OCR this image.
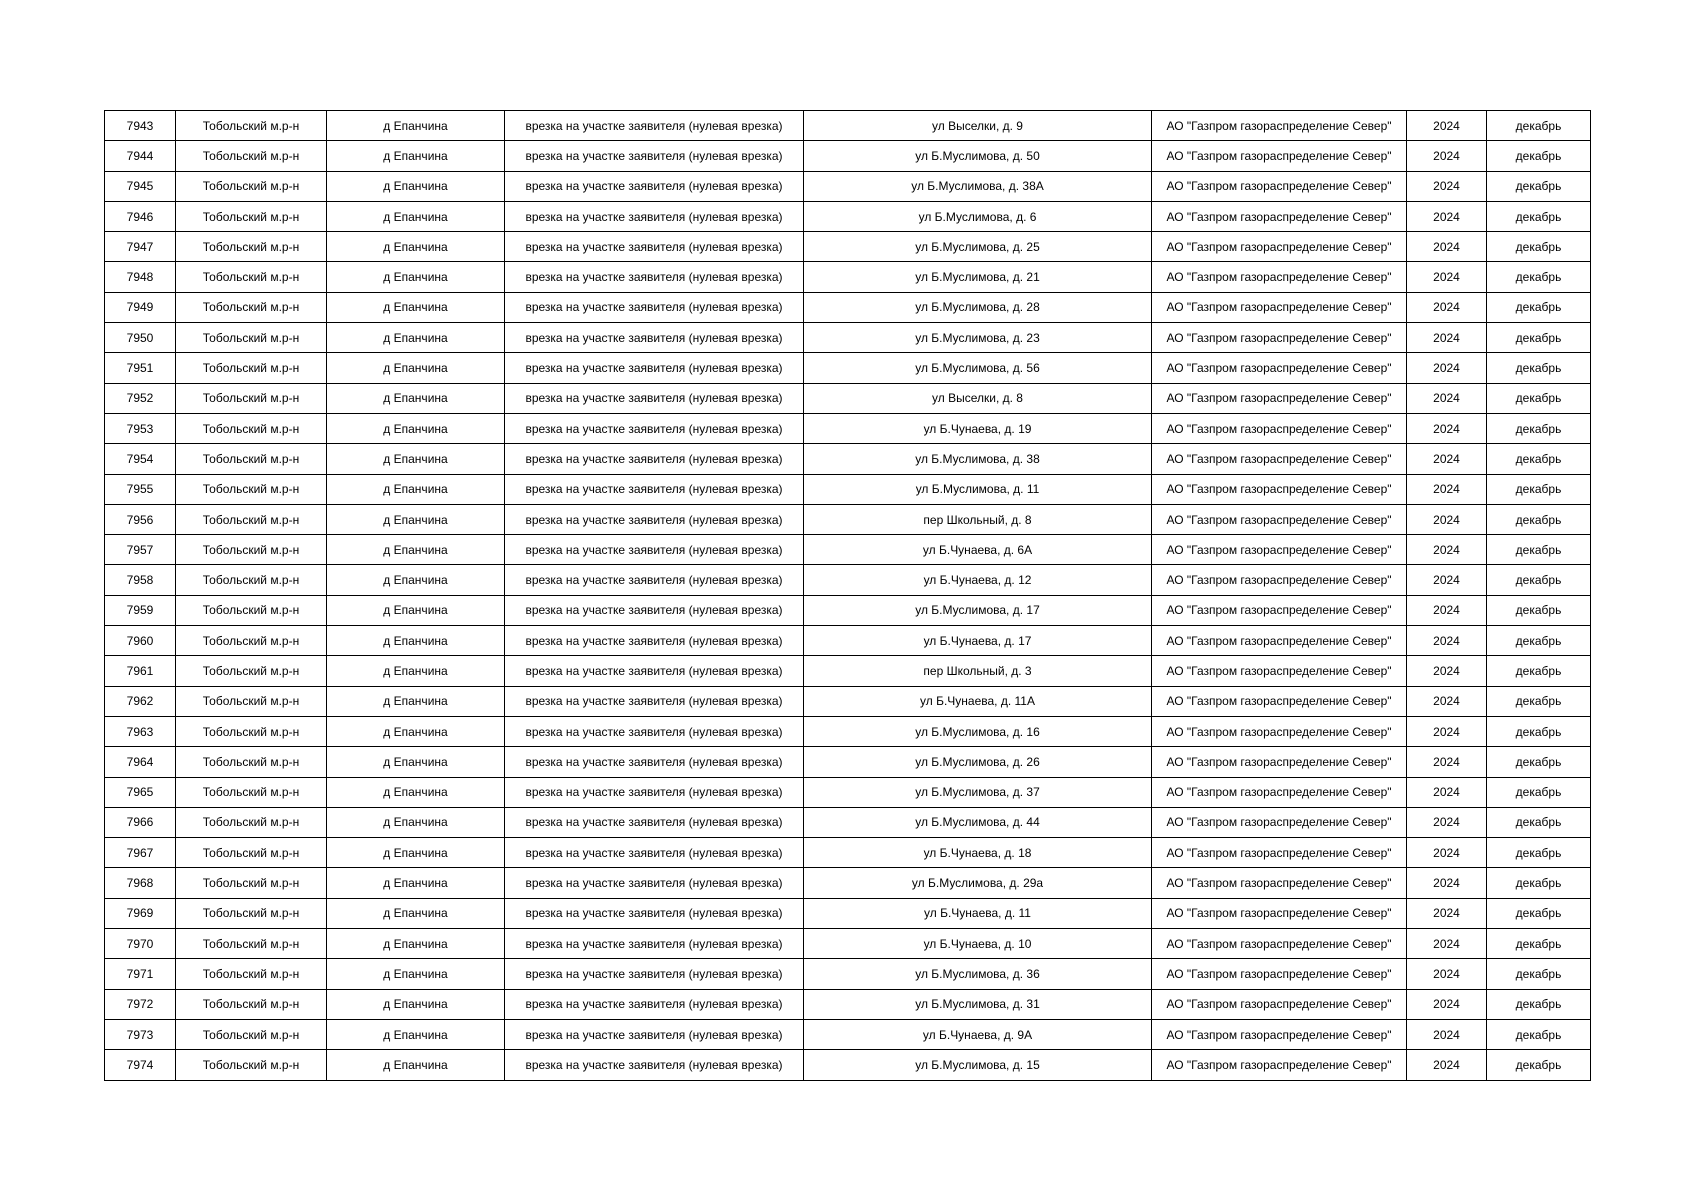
7943	Тобольский м.р-н	д Епанчина	врезка на участке заявителя (нулевая врезка)	ул Выселки, д. 9	АО "Газпром газораспределение Север"	2024	декабрь
7944	Тобольский м.р-н	д Епанчина	врезка на участке заявителя (нулевая врезка)	ул Б.Муслимова, д. 50	АО "Газпром газораспределение Север"	2024	декабрь
7945	Тобольский м.р-н	д Епанчина	врезка на участке заявителя (нулевая врезка)	ул Б.Муслимова, д. 38А	АО "Газпром газораспределение Север"	2024	декабрь
7946	Тобольский м.р-н	д Епанчина	врезка на участке заявителя (нулевая врезка)	ул Б.Муслимова, д. 6	АО "Газпром газораспределение Север"	2024	декабрь
7947	Тобольский м.р-н	д Епанчина	врезка на участке заявителя (нулевая врезка)	ул Б.Муслимова, д. 25	АО "Газпром газораспределение Север"	2024	декабрь
7948	Тобольский м.р-н	д Епанчина	врезка на участке заявителя (нулевая врезка)	ул Б.Муслимова, д. 21	АО "Газпром газораспределение Север"	2024	декабрь
7949	Тобольский м.р-н	д Епанчина	врезка на участке заявителя (нулевая врезка)	ул Б.Муслимова, д. 28	АО "Газпром газораспределение Север"	2024	декабрь
7950	Тобольский м.р-н	д Епанчина	врезка на участке заявителя (нулевая врезка)	ул Б.Муслимова, д. 23	АО "Газпром газораспределение Север"	2024	декабрь
7951	Тобольский м.р-н	д Епанчина	врезка на участке заявителя (нулевая врезка)	ул Б.Муслимова, д. 56	АО "Газпром газораспределение Север"	2024	декабрь
7952	Тобольский м.р-н	д Епанчина	врезка на участке заявителя (нулевая врезка)	ул Выселки, д. 8	АО "Газпром газораспределение Север"	2024	декабрь
7953	Тобольский м.р-н	д Епанчина	врезка на участке заявителя (нулевая врезка)	ул Б.Чунаева, д. 19	АО "Газпром газораспределение Север"	2024	декабрь
7954	Тобольский м.р-н	д Епанчина	врезка на участке заявителя (нулевая врезка)	ул Б.Муслимова, д. 38	АО "Газпром газораспределение Север"	2024	декабрь
7955	Тобольский м.р-н	д Епанчина	врезка на участке заявителя (нулевая врезка)	ул Б.Муслимова, д. 11	АО "Газпром газораспределение Север"	2024	декабрь
7956	Тобольский м.р-н	д Епанчина	врезка на участке заявителя (нулевая врезка)	пер Школьный, д. 8	АО "Газпром газораспределение Север"	2024	декабрь
7957	Тобольский м.р-н	д Епанчина	врезка на участке заявителя (нулевая врезка)	ул Б.Чунаева, д. 6А	АО "Газпром газораспределение Север"	2024	декабрь
7958	Тобольский м.р-н	д Епанчина	врезка на участке заявителя (нулевая врезка)	ул Б.Чунаева, д. 12	АО "Газпром газораспределение Север"	2024	декабрь
7959	Тобольский м.р-н	д Епанчина	врезка на участке заявителя (нулевая врезка)	ул Б.Муслимова, д. 17	АО "Газпром газораспределение Север"	2024	декабрь
7960	Тобольский м.р-н	д Епанчина	врезка на участке заявителя (нулевая врезка)	ул Б.Чунаева, д. 17	АО "Газпром газораспределение Север"	2024	декабрь
7961	Тобольский м.р-н	д Епанчина	врезка на участке заявителя (нулевая врезка)	пер Школьный, д. 3	АО "Газпром газораспределение Север"	2024	декабрь
7962	Тобольский м.р-н	д Епанчина	врезка на участке заявителя (нулевая врезка)	ул Б.Чунаева, д. 11А	АО "Газпром газораспределение Север"	2024	декабрь
7963	Тобольский м.р-н	д Епанчина	врезка на участке заявителя (нулевая врезка)	ул Б.Муслимова, д. 16	АО "Газпром газораспределение Север"	2024	декабрь
7964	Тобольский м.р-н	д Епанчина	врезка на участке заявителя (нулевая врезка)	ул Б.Муслимова, д. 26	АО "Газпром газораспределение Север"	2024	декабрь
7965	Тобольский м.р-н	д Епанчина	врезка на участке заявителя (нулевая врезка)	ул Б.Муслимова, д. 37	АО "Газпром газораспределение Север"	2024	декабрь
7966	Тобольский м.р-н	д Епанчина	врезка на участке заявителя (нулевая врезка)	ул Б.Муслимова, д. 44	АО "Газпром газораспределение Север"	2024	декабрь
7967	Тобольский м.р-н	д Епанчина	врезка на участке заявителя (нулевая врезка)	ул Б.Чунаева, д. 18	АО "Газпром газораспределение Север"	2024	декабрь
7968	Тобольский м.р-н	д Епанчина	врезка на участке заявителя (нулевая врезка)	ул Б.Муслимова, д. 29а	АО "Газпром газораспределение Север"	2024	декабрь
7969	Тобольский м.р-н	д Епанчина	врезка на участке заявителя (нулевая врезка)	ул Б.Чунаева, д. 11	АО "Газпром газораспределение Север"	2024	декабрь
7970	Тобольский м.р-н	д Епанчина	врезка на участке заявителя (нулевая врезка)	ул Б.Чунаева, д. 10	АО "Газпром газораспределение Север"	2024	декабрь
7971	Тобольский м.р-н	д Епанчина	врезка на участке заявителя (нулевая врезка)	ул Б.Муслимова, д. 36	АО "Газпром газораспределение Север"	2024	декабрь
7972	Тобольский м.р-н	д Епанчина	врезка на участке заявителя (нулевая врезка)	ул Б.Муслимова, д. 31	АО "Газпром газораспределение Север"	2024	декабрь
7973	Тобольский м.р-н	д Епанчина	врезка на участке заявителя (нулевая врезка)	ул Б.Чунаева, д. 9А	АО "Газпром газораспределение Север"	2024	декабрь
7974	Тобольский м.р-н	д Епанчина	врезка на участке заявителя (нулевая врезка)	ул Б.Муслимова, д. 15	АО "Газпром газораспределение Север"	2024	декабрь
